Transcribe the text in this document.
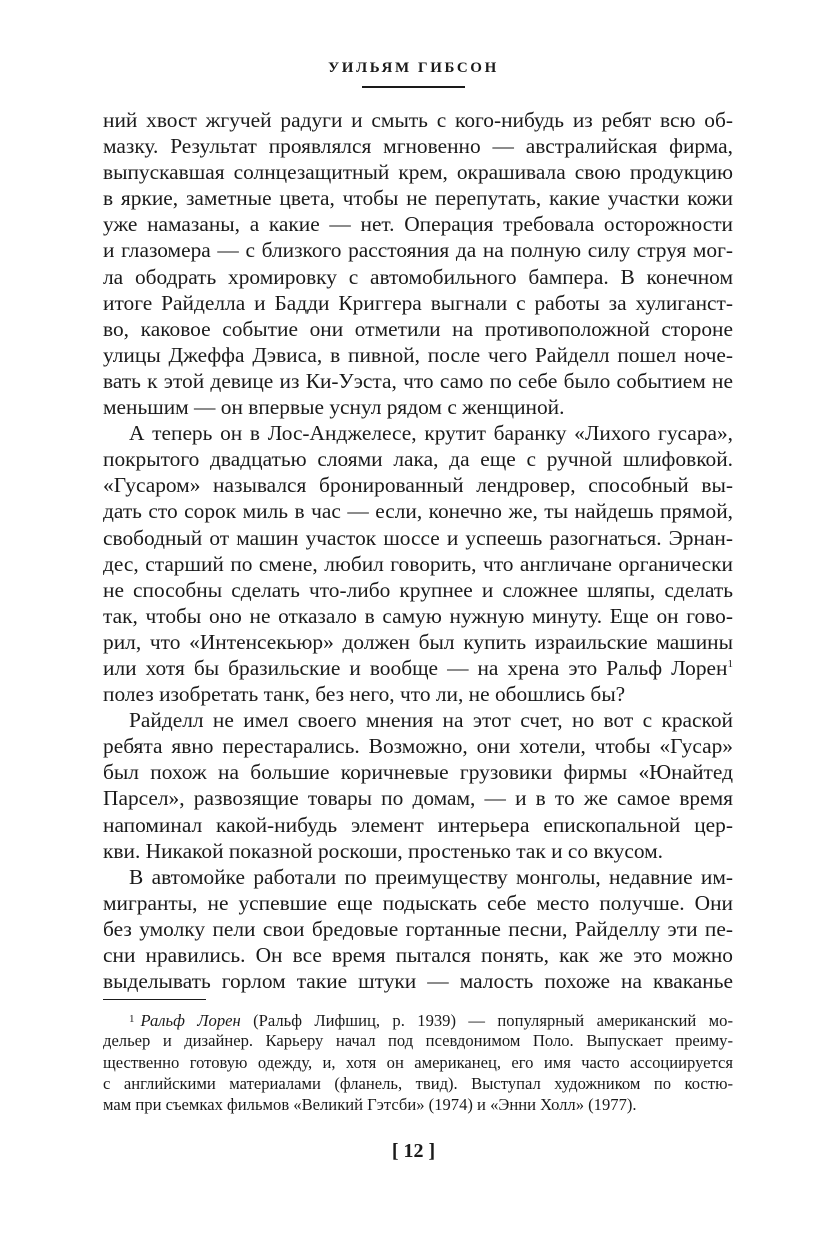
УИЛЬЯМ ГИБСОН
ний хвост жгучей радуги и смыть с кого-нибудь из ребят всю об-
мазку. Результат проявлялся мгновенно — австралийская фирма,
выпускавшая солнцезащитный крем, окрашивала свою продукцию
в яркие, заметные цвета, чтобы не перепутать, какие участки кожи
уже намазаны, а какие — нет. Операция требовала осторожности
и глазомера — с близкого расстояния да на полную силу струя мог-
ла ободрать хромировку с автомобильного бампера. В конечном
итоге Райделла и Бадди Криггера выгнали с работы за хулиганст-
во, каковое событие они отметили на противоположной стороне
улицы Джеффа Дэвиса, в пивной, после чего Райделл пошел ноче-
вать к этой девице из Ки-Уэста, что само по себе было событием не
меньшим — он впервые уснул рядом с женщиной.
А теперь он в Лос-Анджелесе, крутит баранку «Лихого гусара»,
покрытого двадцатью слоями лака, да еще с ручной шлифовкой.
«Гусаром» назывался бронированный лендровер, способный вы-
дать сто сорок миль в час — если, конечно же, ты найдешь прямой,
свободный от машин участок шоссе и успеешь разогнаться. Эрнан-
дес, старший по смене, любил говорить, что англичане органически
не способны сделать что-либо крупнее и сложнее шляпы, сделать
так, чтобы оно не отказало в самую нужную минуту. Еще он гово-
рил, что «Интенсекьюр» должен был купить израильские машины
или хотя бы бразильские и вообще — на хрена это Ральф Лорен$^1$
полез изобретать танк, без него, что ли, не обошлись бы?
Райделл не имел своего мнения на этот счет, но вот с краской
ребята явно перестарались. Возможно, они хотели, чтобы «Гусар»
был похож на большие коричневые грузовики фирмы «Юнайтед
Парсел», развозящие товары по домам, — и в то же самое время
напоминал какой-нибудь элемент интерьера епископальной цер-
кви. Никакой показной роскоши, простенько так и со вкусом.
В автомойке работали по преимуществу монголы, недавние им-
мигранты, не успевшие еще подыскать себе место получше. Они
без умолку пели свои бредовые гортанные песни, Райделлу эти пе-
сни нравились. Он все время пытался понять, как же это можно
выделывать горлом такие штуки — малость похоже на кваканье
$^1$ Ральф Лорен (Ральф Лифшиц, р. 1939) — популярный американский мо-
дельер и дизайнер. Карьеру начал под псевдонимом Поло. Выпускает преиму-
щественно готовую одежду, и, хотя он американец, его имя часто ассоциируется
с английскими материалами (фланель, твид). Выступал художником по костю-
мам при съемках фильмов «Великий Гэтсби» (1974) и «Энни Холл» (1977).
[ 12 ]
